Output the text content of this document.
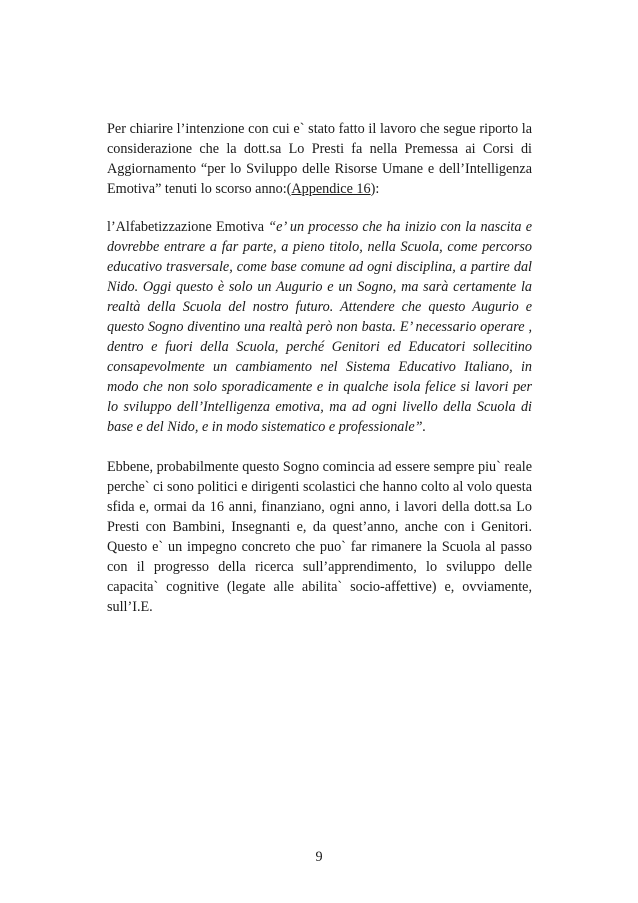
Per chiarire l’intenzione con cui e` stato fatto il lavoro che segue riporto la considerazione che la dott.sa Lo Presti fa nella Premessa ai Corsi di Aggiornamento “per lo Sviluppo delle Risorse Umane e dell’Intelligenza Emotiva” tenuti lo scorso anno:(Appendice 16):

l’Alfabetizzazione Emotiva “e’ un processo che ha inizio con la nascita e dovrebbe entrare a far parte, a pieno titolo, nella Scuola, come percorso educativo trasversale, come base comune ad ogni disciplina, a partire dal Nido. Oggi questo è solo un Augurio e un Sogno, ma sarà certamente la realtà della Scuola del nostro futuro. Attendere che questo Augurio e questo Sogno diventino una realtà però non basta. E’ necessario operare , dentro e fuori della Scuola, perché Genitori ed Educatori sollecitino consapevolmente un cambiamento nel Sistema Educativo Italiano, in modo che non solo sporadicamente e in qualche isola felice si lavori per lo sviluppo dell’Intelligenza emotiva, ma ad ogni livello della Scuola di base e del Nido, e in modo sistematico e professionale”.

Ebbene, probabilmente questo Sogno comincia ad essere sempre piu` reale perche` ci sono politici e dirigenti scolastici che hanno colto al volo questa sfida e, ormai da 16 anni, finanziano, ogni anno, i lavori della dott.sa Lo Presti con Bambini, Insegnanti e, da quest’anno, anche con i Genitori. Questo e` un impegno concreto che puo` far rimanere la Scuola al passo con il progresso della ricerca sull’apprendimento, lo sviluppo delle capacita` cognitive (legate alle abilita` socio-affettive) e, ovviamente, sull’I.E.

9
